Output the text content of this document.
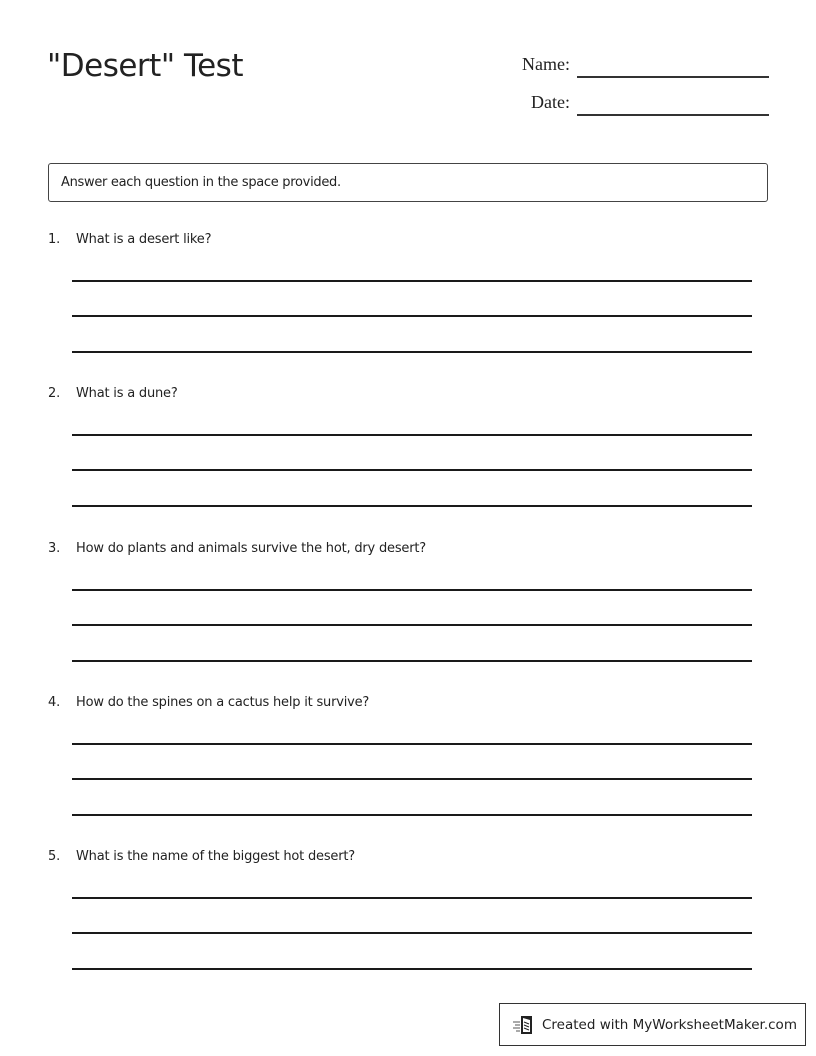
"Desert" Test	Name:
Date:
Answer each question in the space provided.
1.	What is a desert like?
2.	What is a dune?
3.	How do plants and animals survive the hot, dry desert?
4.	How do the spines on a cactus help it survive?
5.	What is the name of the biggest hot desert?
Created with MyWorksheetMaker.com
